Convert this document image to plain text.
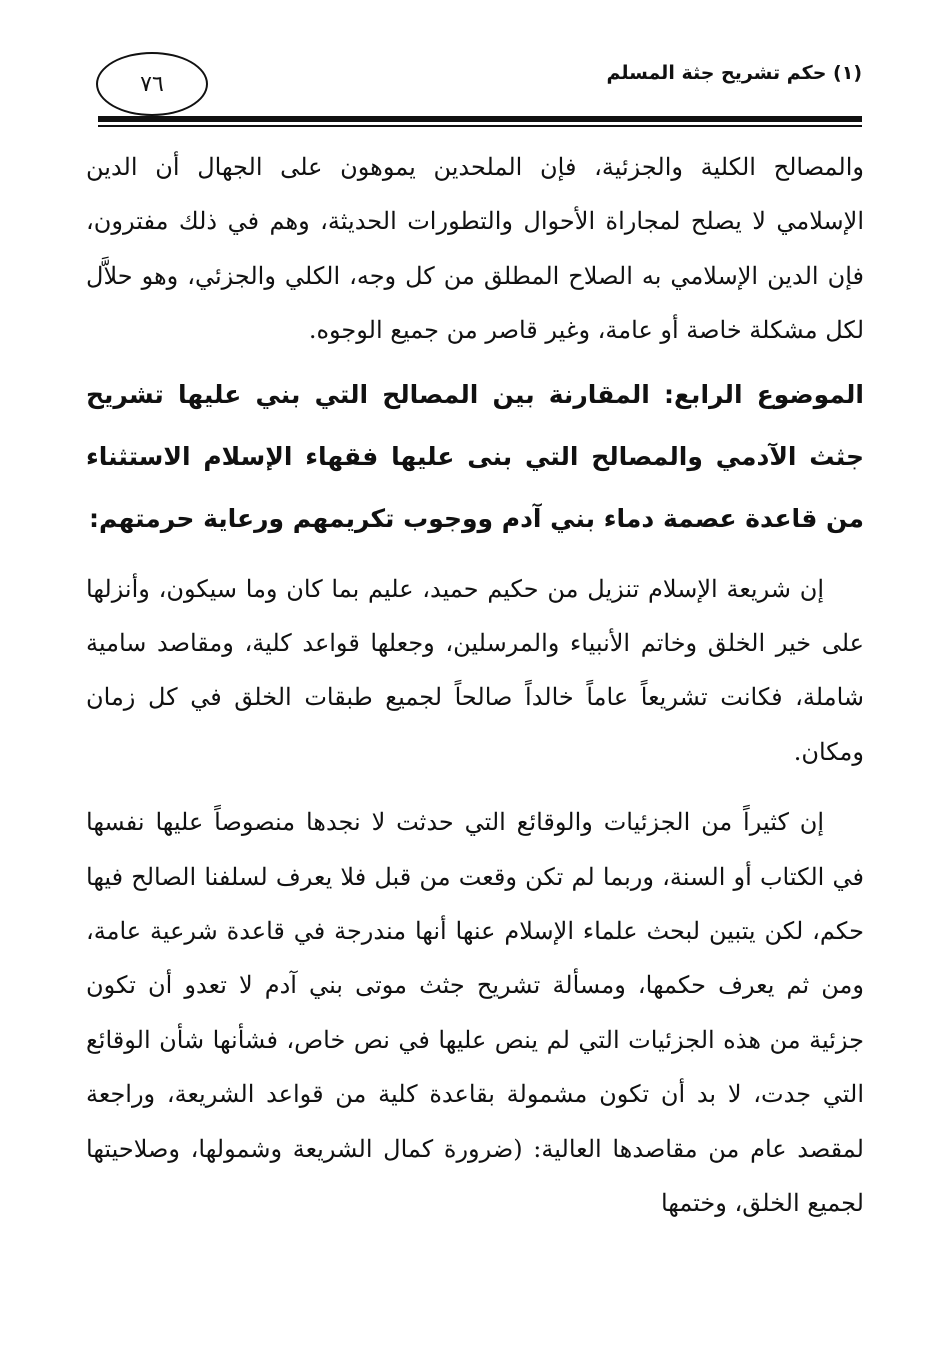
٧٦	(١) حكم تشريح جثة المسلم

والمصالح الكلية والجزئية، فإن الملحدين يموهون على الجهال أن الدين الإسلامي لا يصلح لمجاراة الأحوال والتطورات الحديثة، وهم في ذلك مفترون، فإن الدين الإسلامي به الصلاح المطلق من كل وجه، الكلي والجزئي، وهو حلاَّل لكل مشكلة خاصة أو عامة، وغير قاصر من جميع الوجوه.

الموضوع الرابع: المقارنة بين المصالح التي بني عليها تشريح جثث الآدمي والمصالح التي بنى عليها فقهاء الإسلام الاستثناء من قاعدة عصمة دماء بني آدم ووجوب تكريمهم ورعاية حرمتهم:

إن شريعة الإسلام تنزيل من حكيم حميد، عليم بما كان وما سيكون، وأنزلها على خير الخلق وخاتم الأنبياء والمرسلين، وجعلها قواعد كلية، ومقاصد سامية شاملة، فكانت تشريعاً عاماً خالداً صالحاً لجميع طبقات الخلق في كل زمان ومكان.

إن كثيراً من الجزئيات والوقائع التي حدثت لا نجدها منصوصاً عليها نفسها في الكتاب أو السنة، وربما لم تكن وقعت من قبل فلا يعرف لسلفنا الصالح فيها حكم، لكن يتبين لبحث علماء الإسلام عنها أنها مندرجة في قاعدة شرعية عامة، ومن ثم يعرف حكمها، ومسألة تشريح جثث موتى بني آدم لا تعدو أن تكون جزئية من هذه الجزئيات التي لم ينص عليها في نص خاص، فشأنها شأن الوقائع التي جدت، لا بد أن تكون مشمولة بقاعدة كلية من قواعد الشريعة، وراجعة لمقصد عام من مقاصدها العالية: (ضرورة كمال الشريعة وشمولها، وصلاحيتها لجميع الخلق، وختمها
